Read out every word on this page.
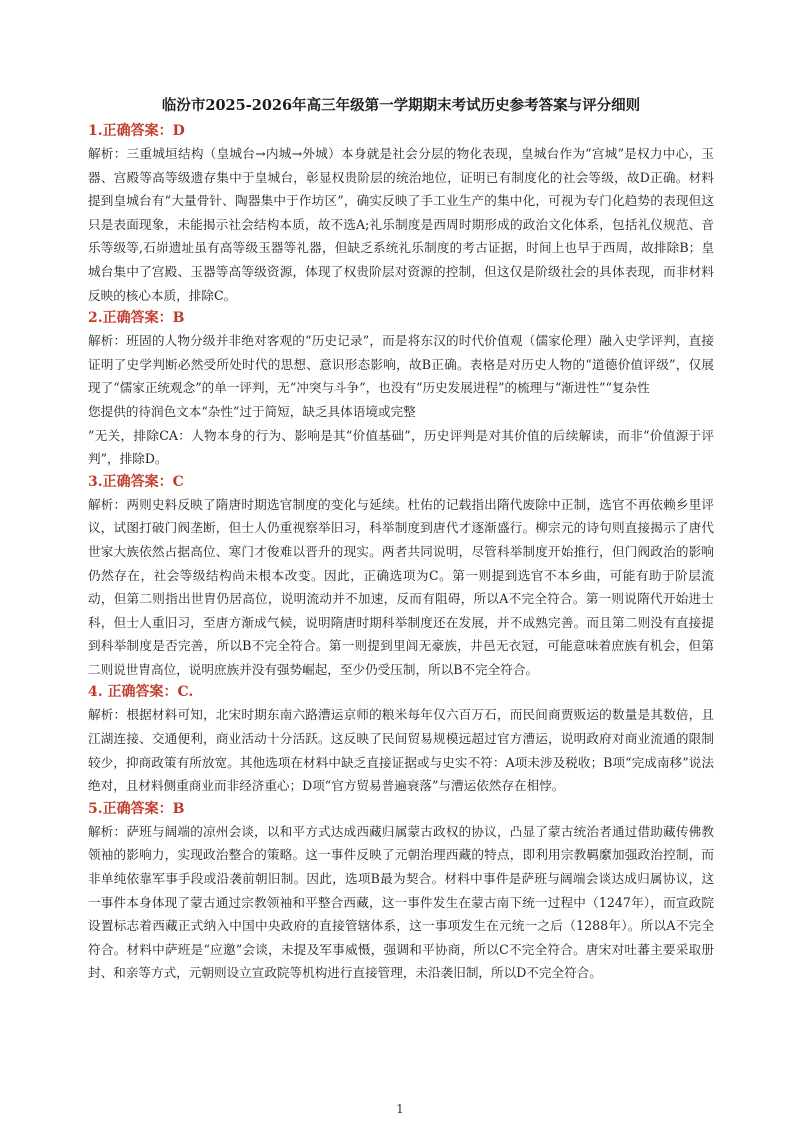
临汾市2025-2026年高三年级第一学期期末考试历史参考答案与评分细则

1.正确答案：D

解析：三重城垣结构（皇城台→内城→外城）本身就是社会分层的物化表现，皇城台作为“宫城”是权力中心，玉器、宫殿等高等级遗存集中于皇城台，彰显权贵阶层的统治地位，证明已有制度化的社会等级，故D正确。材料提到皇城台有“大量骨针、陶器集中于作坊区”，确实反映了手工业生产的集中化，可视为专门化趋势的表现但这只是表面现象，未能揭示社会结构本质，故不选A;礼乐制度是西周时期形成的政治文化体系，包括礼仪规范、音乐等级等,石峁遗址虽有高等级玉器等礼器，但缺乏系统礼乐制度的考古证据，时间上也早于西周，故排除B；皇城台集中了宫殿、玉器等高等级资源，体现了权贵阶层对资源的控制，但这仅是阶级社会的具体表现，而非材料反映的核心本质，排除C。

2.正确答案：B

解析：班固的人物分级并非绝对客观的“历史记录”，而是将东汉的时代价值观（儒家伦理）融入史学评判，直接证明了史学判断必然受所处时代的思想、意识形态影响，故B正确。表格是对历史人物的“道德价值评级”，仅展现了“儒家正统观念”的单一评判，无“冲突与斗争”，也没有“历史发展进程”的梳理与“渐进性”“复杂性

您提供的待润色文本“杂性”过于简短，缺乏具体语境或完整

”无关，排除CA：人物本身的行为、影响是其“价值基础”，历史评判是对其价值的后续解读，而非“价值源于评判”，排除D。

3.正确答案：C

解析：两则史料反映了隋唐时期选官制度的变化与延续。杜佑的记载指出隋代废除中正制，选官不再依赖乡里评议，试图打破门阀垄断，但士人仍重视察举旧习，科举制度到唐代才逐渐盛行。柳宗元的诗句则直接揭示了唐代世家大族依然占据高位、寒门才俊难以晋升的现实。两者共同说明，尽管科举制度开始推行，但门阀政治的影响仍然存在，社会等级结构尚未根本改变。因此，正确选项为C。第一则提到选官不本乡曲，可能有助于阶层流动，但第二则指出世胄仍居高位，说明流动并不加速，反而有阻碍，所以A不完全符合。第一则说隋代开始进士科，但士人重旧习，至唐方渐成气候，说明隋唐时期科举制度还在发展，并不成熟完善。而且第二则没有直接提到科举制度是否完善，所以B不完全符合。第一则提到里闾无豪族，井邑无衣冠，可能意味着庶族有机会，但第二则说世胄高位，说明庶族并没有强势崛起，至少仍受压制，所以B不完全符合。

4. 正确答案：C.

解析：根据材料可知，北宋时期东南六路漕运京师的粮米每年仅六百万石，而民间商贾贩运的数量是其数倍，且江湖连接、交通便利，商业活动十分活跃。这反映了民间贸易规模远超过官方漕运，说明政府对商业流通的限制较少，抑商政策有所放宽。其他选项在材料中缺乏直接证据或与史实不符：A项未涉及税收；B项“完成南移”说法绝对，且材料侧重商业而非经济重心；D项“官方贸易普遍衰落”与漕运依然存在相悖。

5.正确答案：B

解析：萨班与阔端的凉州会谈，以和平方式达成西藏归属蒙古政权的协议，凸显了蒙古统治者通过借助藏传佛教领袖的影响力，实现政治整合的策略。这一事件反映了元朝治理西藏的特点，即利用宗教羁縻加强政治控制，而非单纯依靠军事手段或沿袭前朝旧制。因此，选项B最为契合。材料中事件是萨班与阔端会谈达成归属协议，这一事件本身体现了蒙古通过宗教领袖和平整合西藏，这一事件发生在蒙古南下统一过程中（1247年），而宣政院设置标志着西藏正式纳入中国中央政府的直接管辖体系，这一事项发生在元统一之后（1288年）。所以A不完全符合。材料中萨班是“应邀”会谈，未提及军事威慑，强调和平协商，所以C不完全符合。唐宋对吐蕃主要采取册封、和亲等方式，元朝则设立宣政院等机构进行直接管理，未沿袭旧制，所以D不完全符合。

1
